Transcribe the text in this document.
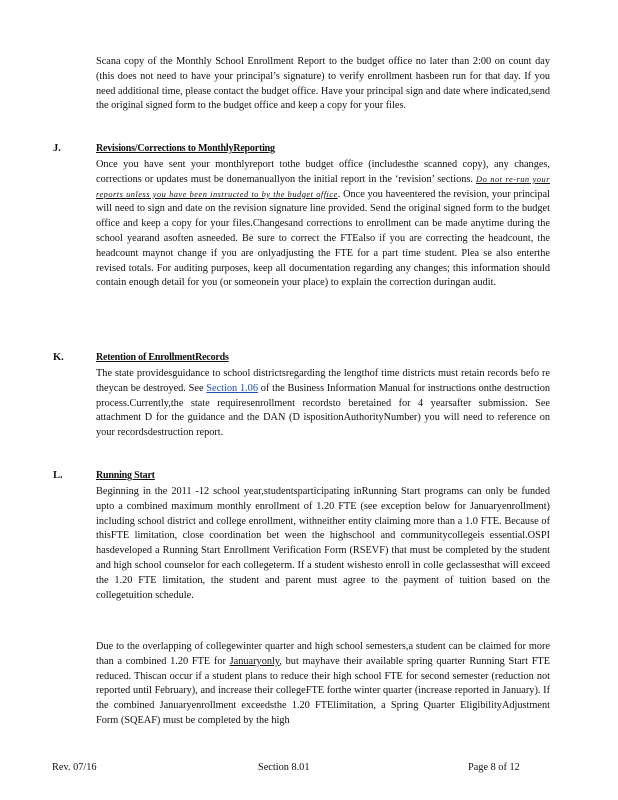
Scana copy of the Monthly School Enrollment Report to the budget office no later than 2:00 on count day (this does not need to have your principal’s signature) to verify enrollment hasbeen run for that day. If you need additional time, please contact the budget office. Have your principal sign and date where indicated,send the original signed form to the budget office and keep a copy for your files.

J.	Revisions/Corrections to MonthlyReporting

Once you have sent your monthlyreport tothe budget office (includesthe scanned copy), any changes, corrections or updates must be donemanuallyon the initial report in the ‘revision’ sections. Do not re-run your reports unless you have been instructed to by the budget office. Once you haveentered the revision, your principal will need to sign and date on the revision signature line provided. Send the original signed form to the budget office and keep a copy for your files.Changesand corrections to enrollment can be made anytime during the school yearand asoften asneeded. Be sure to correct the FTEalso if you are correcting the headcount, the headcount maynot change if you are onlyadjusting the FTE for a part time student. Plea se also enterthe revised totals. For auditing purposes, keep all documentation regarding any changes; this information should contain enough detail for you (or someonein your place) to explain the correction duringan audit.

K.	Retention of EnrollmentRecords

The state providesguidance to school districtsregarding the lengthof time districts must retain records befo re theycan be destroyed. See Section 1.06 of the Business Information Manual for instructions onthe destruction process.Currently,the state requiresenrollment recordsto beretained for 4 yearsafter submission. See attachment D for the guidance and the DAN (D ispositionAuthorityNumber) you will need to reference on your recordsdestruction report.

L.	Running Start

Beginning in the 2011 ‑12 school year,studentsparticipating inRunning Start programs can only be funded upto a combined maximum monthly enrollment of 1.20 FTE (see exception below for Januaryenrollment) including school district and college enrollment, withneither entity claiming more than a 1.0 FTE. Because of thisFTE limitation, close coordination bet ween the highschool and communitycollegeis essential.OSPI hasdeveloped a Running Start Enrollment Verification Form (RSEVF) that must be completed by the student and high school counselor for each collegeterm. If a student wishesto enroll in colle geclassesthat will exceed the 1.20 FTE limitation, the student and parent must agree to the payment of tuition based on the collegetuition schedule.

Due to the overlapping of collegewinter quarter and high school semesters,a student can be claimed for more than a combined 1.20 FTE for Januaryonly, but mayhave their available spring quarter Running Start FTE reduced. Thiscan occur if a student plans to reduce their high school FTE for second semester (reduction not reported until February), and increase their collegeFTE forthe winter quarter (increase reported in January). If the combined Januaryenrollment exceedsthe 1.20 FTElimitation, a Spring Quarter EligibilityAdjustment Form (SQEAF) must be completed by the high

Rev. 07/16	Section 8.01	Page 8 of 12
